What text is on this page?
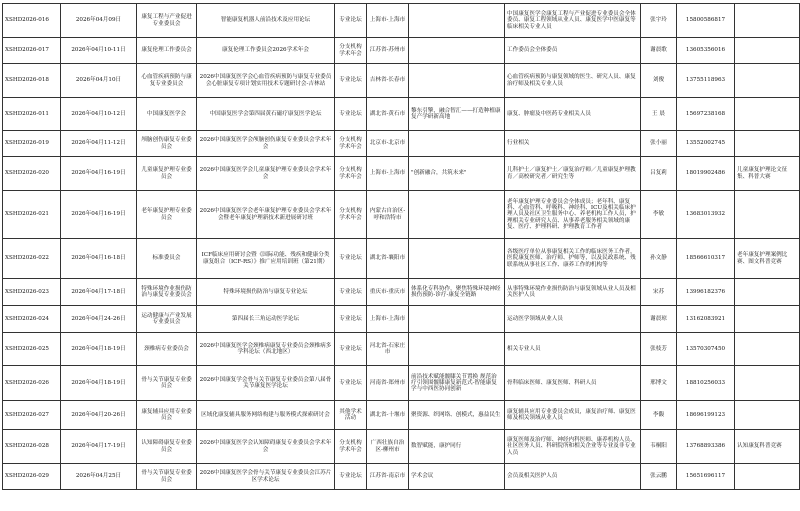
XSHD2026-016	2026年04月09日	康复工程与产业促进专业委员会	智能康复机器人前沿技术及应用论坛	专业论坛	上海市-上海市		中国康复医学会康复工程与产业促进专业委员会全体委员、康复工程领域从业人员、康复医学中医康复等临床相关专业人员	张宇玲	15800586817	
XSHD2026-017	2026年04月10-11日	康复伦理工作委员会	康复伦理工作委员会2026学术年会	分支机构学术年会	江苏省-苏州市		工作委员会全体委员	谢晨歌	13605356016	
XSHD2026-018	2026年04月10日	心血管疾病预防与康复专业委员会	2026中国康复医学会心血管疾病预防与康复专业委员会心脏康复专项计划实用技术专题研讨会-吉林站	专业论坛	吉林省-长春市		心血管疾病预防与康复领域的医生、研究人员、康复治疗师及相关专业人员	刘俊	13755118963	
XSHD2026-011	2026年04月10-12日	中国康复医学会	中国康复医学会第四届黄石磁疗康复医学论坛	专业论坛	湖北省-黄石市	黎东引擎，融合智汇——打造种植康复产学研新高地	康复、肿瘤及中医药专业相关人员	王 晨	15697238168	
XSHD2026-019	2026年04月11-12日	颅脑创伤康复专业委员会	2026中国康复医学会颅脑创伤康复专业委员会学术年会	分支机构学术年会	北京市-北京市		行业相关	张小丽	13552002745	
XSHD2026-020	2026年04月16-19日	儿童康复护理专业委员会	2026中国康复医学会儿童康复护理专业委员会学术年会	分支机构学术年会	上海市-上海市	"创新融合，共筑未来"	儿科护士／康复护士／康复治疗师／儿童康复护理教育／高校研究者／研究生等	吕复莉	18019902486	儿童康复护理论文征集、科普大赛
XSHD2026-021	2026年04月16-19日	老年康复护理专业委员会	2026中国康复医学会老年康复护理专业委员会学术年会暨老年康复护理新技术新进展研讨班	分支机构学术年会	内蒙古自治区-呼和浩特市		老年康复护理专业委员会全体成员；老年科、康复科、心血管科、呼吸科、神经科、ICU及相关临床护理人员及社区卫生服务中心、养老机构工作人员，护理相关专业研究人员、从事养老服务相关领域的康复、医疗、护理科研、护理教育工作者	李敏	13683013932	
XSHD2026-022	2026年04月16-18日	标准委员会	ICF临床应用研讨会暨《国际功能、残疾和健康分类康复组合（ICF-RS）》推广应用培训班（第21期）	专业论坛	湖北省-襄阳市		各级医疗单位从事康复相关工作的临床医务工作者，医院康复医师、治疗师、护师等，以及民政系统、残联系统从事社区工作、康养工作的机构等	孙文静	18566610317	老年康复护理案例比赛、图文科普竞赛
XSHD2026-023	2026年04月17-18日	特殊环境作业损伤防治与康复专业委员会	特殊环境损伤防治与康复专业论坛	专业论坛	重庆市-重庆市	体系化专科协作，聚焦特殊环境神经损伤预防-诊疗-康复全链路	从事特殊环境作业损伤防治与康复领域从业人员及相关医护人员	宋苏	13996182376	
XSHD2026-024	2026年04月24-26日	运动健康与产业发展专业委员会	第四届长三角运动医学论坛	专业论坛	上海市-上海市		运动医学领域从业人员	谢晨琼	13162083921	
XSHD2026-025	2026年04月18-19日	颈椎病专业委员会	2026中国康复医学会颈椎病康复专业委员会颈椎病多学科论坛（西北地区）	专业论坛	河北省-石家庄市		相关专业人员	张枝芳	13570307450	
XSHD2026-026	2026年04月18-19日	骨与关节康复专业委员会	2026中国康复学会骨与关节康复专业委员会第八届骨关节康复医学论坛	专业论坛	河南省-郑州市	前沿技术赋能髋膝关节置换 规范治疗引领围髋膝康复新范式-智能康复学与中西医协同创新	骨科临床医师、康复医师、科研人员	邢博文	18810256033	
XSHD2026-027	2026年04月20-26日	康复辅具应用专业委员会	区域化康复辅具服务网络构建与服务模式探索研讨会	其他学术活动	湖北省-十堰市	聚资源、织网络、创模式，惠益民生	康复辅具应用专业委员会成员，康复治疗师、康复医师及相关领域从业人员	李馥	18696199123	
XSHD2026-028	2026年04月17-19日	认知障碍康复专业委员会	2026中国康复医学会认知障碍康复专业委员会学术年会	分支机构学术年会	广西壮族自治区-柳州市	数智赋能，康护同行	康复医师及治疗师、神经内科医师、康养机构人员、社区医务人员、科研院所和相关企业等专业及非专业人员	韦桐阳	13768893386	认知康复科普竞赛
XSHD2026-029	2026年04月25日	骨与关节康复专业委员会	2026中国康复医学会骨与关节康复专业委员会江苏片区学术论坛	专业论坛	江苏省-南京市	学术会议	会员及相关医护人员	张云鹏	15651696117	
